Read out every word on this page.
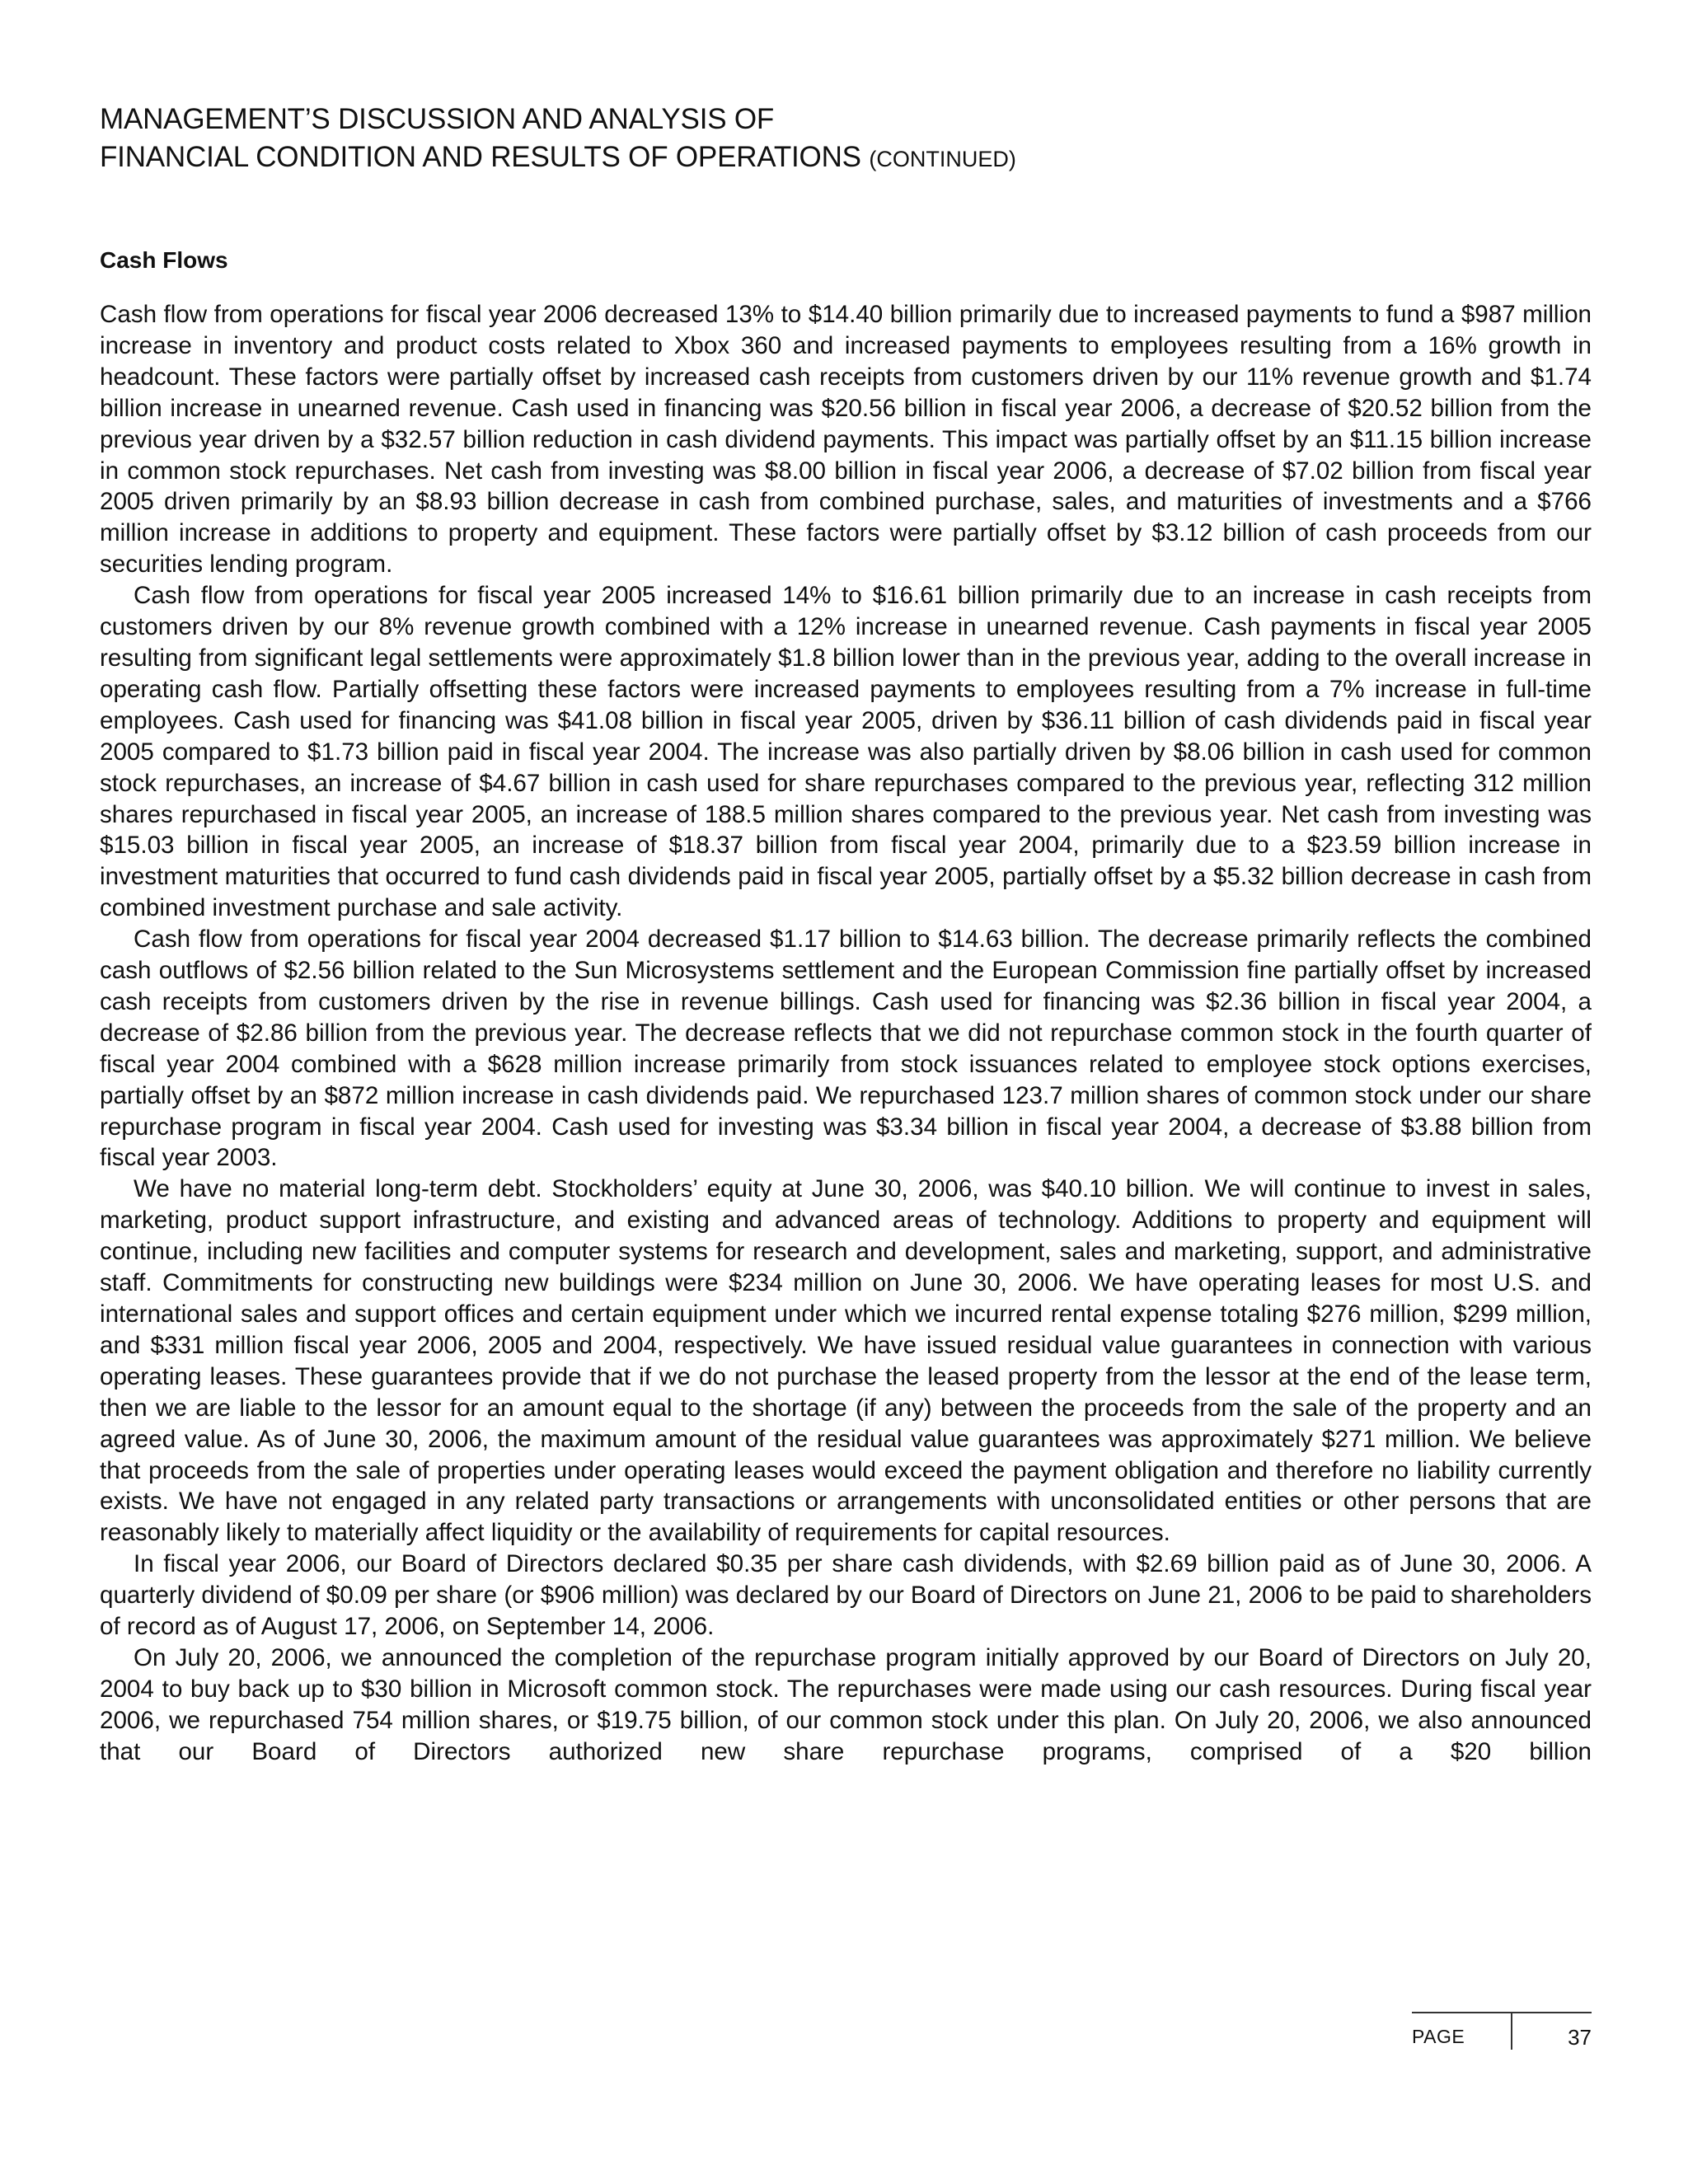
MANAGEMENT’S DISCUSSION AND ANALYSIS OF
FINANCIAL CONDITION AND RESULTS OF OPERATIONS (CONTINUED)
Cash Flows

Cash flow from operations for fiscal year 2006 decreased 13% to $14.40 billion primarily due to increased payments to fund a $987 million increase in inventory and product costs related to Xbox 360 and increased payments to employees resulting from a 16% growth in headcount. These factors were partially offset by increased cash receipts from customers driven by our 11% revenue growth and $1.74 billion increase in unearned revenue. Cash used in financing was $20.56 billion in fiscal year 2006, a decrease of $20.52 billion from the previous year driven by a $32.57 billion reduction in cash dividend payments. This impact was partially offset by an $11.15 billion increase in common stock repurchases. Net cash from investing was $8.00 billion in fiscal year 2006, a decrease of $7.02 billion from fiscal year 2005 driven primarily by an $8.93 billion decrease in cash from combined purchase, sales, and maturities of investments and a $766 million increase in additions to property and equipment. These factors were partially offset by $3.12 billion of cash proceeds from our securities lending program.

Cash flow from operations for fiscal year 2005 increased 14% to $16.61 billion primarily due to an increase in cash receipts from customers driven by our 8% revenue growth combined with a 12% increase in unearned revenue. Cash payments in fiscal year 2005 resulting from significant legal settlements were approximately $1.8 billion lower than in the previous year, adding to the overall increase in operating cash flow. Partially offsetting these factors were increased payments to employees resulting from a 7% increase in full-time employees. Cash used for financing was $41.08 billion in fiscal year 2005, driven by $36.11 billion of cash dividends paid in fiscal year 2005 compared to $1.73 billion paid in fiscal year 2004. The increase was also partially driven by $8.06 billion in cash used for common stock repurchases, an increase of $4.67 billion in cash used for share repurchases compared to the previous year, reflecting 312 million shares repurchased in fiscal year 2005, an increase of 188.5 million shares compared to the previous year. Net cash from investing was $15.03 billion in fiscal year 2005, an increase of $18.37 billion from fiscal year 2004, primarily due to a $23.59 billion increase in investment maturities that occurred to fund cash dividends paid in fiscal year 2005, partially offset by a $5.32 billion decrease in cash from combined investment purchase and sale activity.

Cash flow from operations for fiscal year 2004 decreased $1.17 billion to $14.63 billion. The decrease primarily reflects the combined cash outflows of $2.56 billion related to the Sun Microsystems settlement and the European Commission fine partially offset by increased cash receipts from customers driven by the rise in revenue billings. Cash used for financing was $2.36 billion in fiscal year 2004, a decrease of $2.86 billion from the previous year. The decrease reflects that we did not repurchase common stock in the fourth quarter of fiscal year 2004 combined with a $628 million increase primarily from stock issuances related to employee stock options exercises, partially offset by an $872 million increase in cash dividends paid. We repurchased 123.7 million shares of common stock under our share repurchase program in fiscal year 2004. Cash used for investing was $3.34 billion in fiscal year 2004, a decrease of $3.88 billion from fiscal year 2003.

We have no material long-term debt. Stockholders’ equity at June 30, 2006, was $40.10 billion. We will continue to invest in sales, marketing, product support infrastructure, and existing and advanced areas of technology. Additions to property and equipment will continue, including new facilities and computer systems for research and development, sales and marketing, support, and administrative staff. Commitments for constructing new buildings were $234 million on June 30, 2006. We have operating leases for most U.S. and international sales and support offices and certain equipment under which we incurred rental expense totaling $276 million, $299 million, and $331 million fiscal year 2006, 2005 and 2004, respectively. We have issued residual value guarantees in connection with various operating leases. These guarantees provide that if we do not purchase the leased property from the lessor at the end of the lease term, then we are liable to the lessor for an amount equal to the shortage (if any) between the proceeds from the sale of the property and an agreed value. As of June 30, 2006, the maximum amount of the residual value guarantees was approximately $271 million. We believe that proceeds from the sale of properties under operating leases would exceed the payment obligation and therefore no liability currently exists. We have not engaged in any related party transactions or arrangements with unconsolidated entities or other persons that are reasonably likely to materially affect liquidity or the availability of requirements for capital resources.

In fiscal year 2006, our Board of Directors declared $0.35 per share cash dividends, with $2.69 billion paid as of June 30, 2006. A quarterly dividend of $0.09 per share (or $906 million) was declared by our Board of Directors on June 21, 2006 to be paid to shareholders of record as of August 17, 2006, on September 14, 2006.

On July 20, 2006, we announced the completion of the repurchase program initially approved by our Board of Directors on July 20, 2004 to buy back up to $30 billion in Microsoft common stock. The repurchases were made using our cash resources. During fiscal year 2006, we repurchased 754 million shares, or $19.75 billion, of our common stock under this plan. On July 20, 2006, we also announced that our Board of Directors authorized new share repurchase programs, comprised of a $20 billion

PAGE	37
